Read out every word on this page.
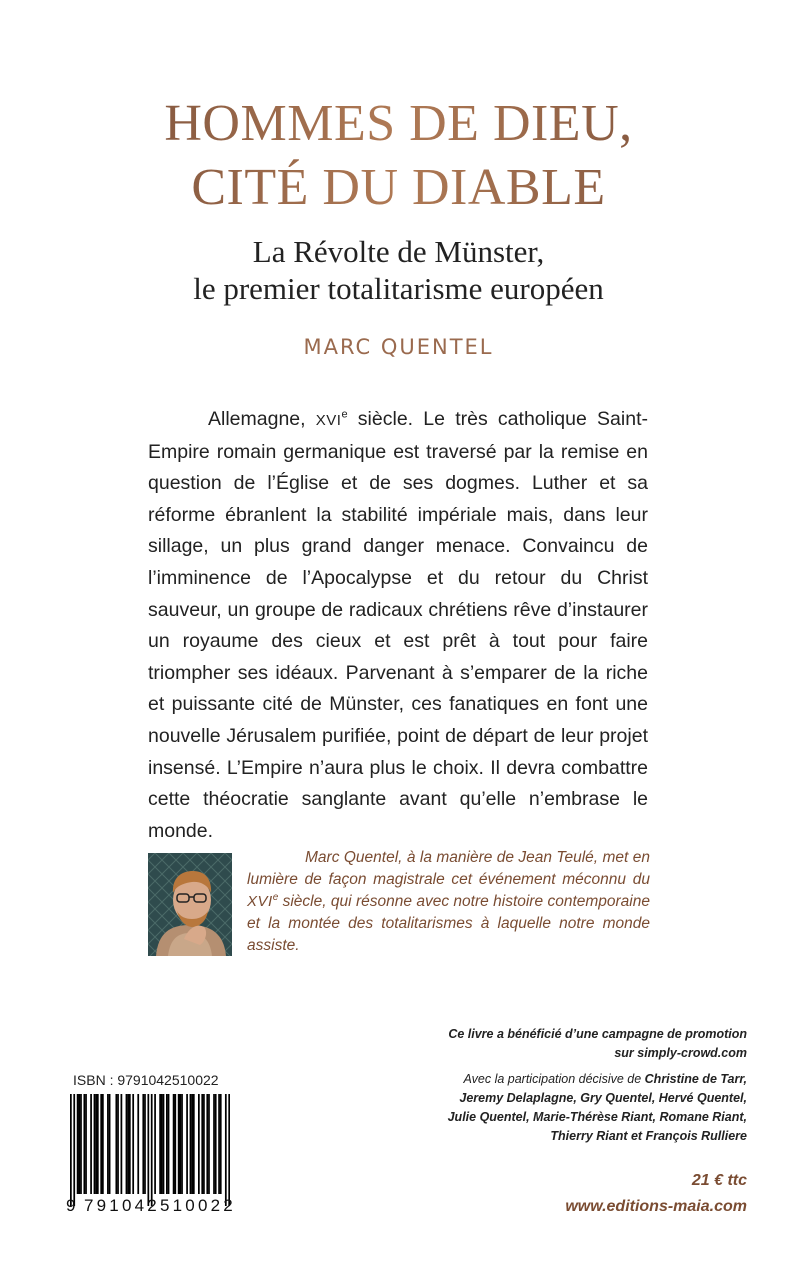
HOMMES DE DIEU,
CITÉ DU DIABLE
La Révolte de Münster,
le premier totalitarisme européen
MARC QUENTEL
Allemagne, XVIe siècle. Le très catholique Saint-Empire romain germanique est traversé par la remise en question de l’Église et de ses dogmes. Luther et sa réforme ébranlent la stabilité impériale mais, dans leur sillage, un plus grand danger menace. Convaincu de l’imminence de l’Apocalypse et du retour du Christ sauveur, un groupe de radicaux chrétiens rêve d’instaurer un royaume des cieux et est prêt à tout pour faire triompher ses idéaux. Parvenant à s’emparer de la riche et puissante cité de Münster, ces fanatiques en font une nouvelle Jérusalem purifiée, point de départ de leur projet insensé. L’Empire n’aura plus le choix. Il devra combattre cette théocratie sanglante avant qu’elle n’embrase le monde.
Marc Quentel, à la manière de Jean Teulé, met en lumière de façon magistrale cet événement méconnu du XVIe siècle, qui résonne avec notre histoire contemporaine et la montée des totalitarismes à laquelle notre monde assiste.
Ce livre a bénéficié d’une campagne de promotion
sur simply-crowd.com
Avec la participation décisive de Christine de Tarr,
Jeremy Delaplagne, Gry Quentel, Hervé Quentel,
Julie Quentel, Marie-Thérèse Riant, Romane Riant,
Thierry Riant et François Rulliere
21 € ttc
www.editions-maia.com
ISBN : 9791042510022
9 791042 510022
